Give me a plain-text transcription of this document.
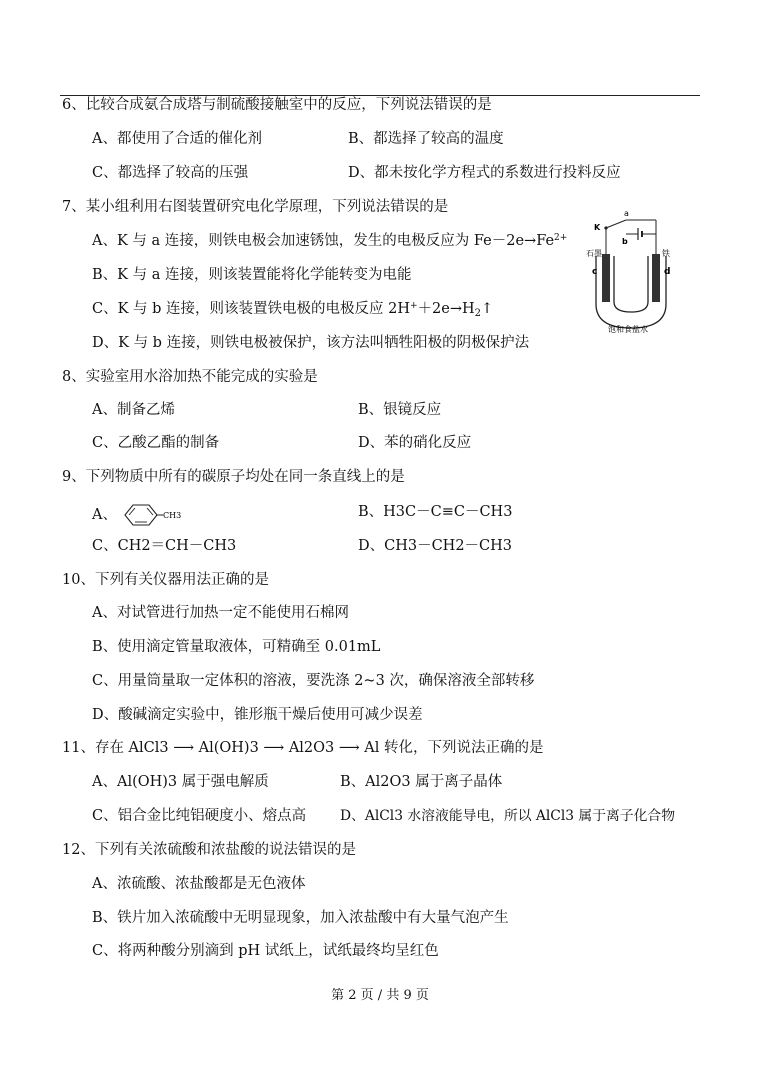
6、比较合成氨合成塔与制硫酸接触室中的反应，下列说法错误的是
A、都使用了合适的催化剂	B、都选择了较高的温度
C、都选择了较高的压强	D、都未按化学方程式的系数进行投料反应
7、某小组利用右图装置研究电化学原理，下列说法错误的是
A、K 与 a 连接，则铁电极会加速锈蚀，发生的电极反应为 $Fe-2e\to Fe^{2+}$
B、K 与 a 连接，则该装置能将化学能转变为电能
C、K 与 b 连接，则该装置铁电极的电极反应 $2H^++2e\to H_2↑$
D、K 与 b 连接，则铁电极被保护，该方法叫牺牲阳极的阴极保护法
a
K
b
石墨	铁
c	d
饱和食盐水
8、实验室用水浴加热不能完成的实验是
A、制备乙烯	B、银镜反应
C、乙酸乙酯的制备	D、苯的硝化反应
9、下列物质中所有的碳原子均处在同一条直线上的是
A、	CH3	B、H3C－C≡C－CH3
C、CH2＝CH－CH3	D、CH3－CH2－CH3
10、下列有关仪器用法正确的是
A、对试管进行加热一定不能使用石棉网
B、使用滴定管量取液体，可精确至 0.01mL
C、用量筒量取一定体积的溶液，要洗涤 2~3 次，确保溶液全部转移
D、酸碱滴定实验中，锥形瓶干燥后使用可减少误差
11、存在 AlCl3 ⟶ Al(OH)3 ⟶ Al2O3 ⟶ Al 转化，下列说法正确的是
A、Al(OH)3 属于强电解质	B、Al2O3 属于离子晶体
C、铝合金比纯铝硬度小、熔点高 D、AlCl3 水溶液能导电，所以 AlCl3 属于离子化合物
12、下列有关浓硫酸和浓盐酸的说法错误的是
A、浓硫酸、浓盐酸都是无色液体
B、铁片加入浓硫酸中无明显现象，加入浓盐酸中有大量气泡产生
C、将两种酸分别滴到 pH 试纸上，试纸最终均呈红色
第 2 页 / 共 9 页
